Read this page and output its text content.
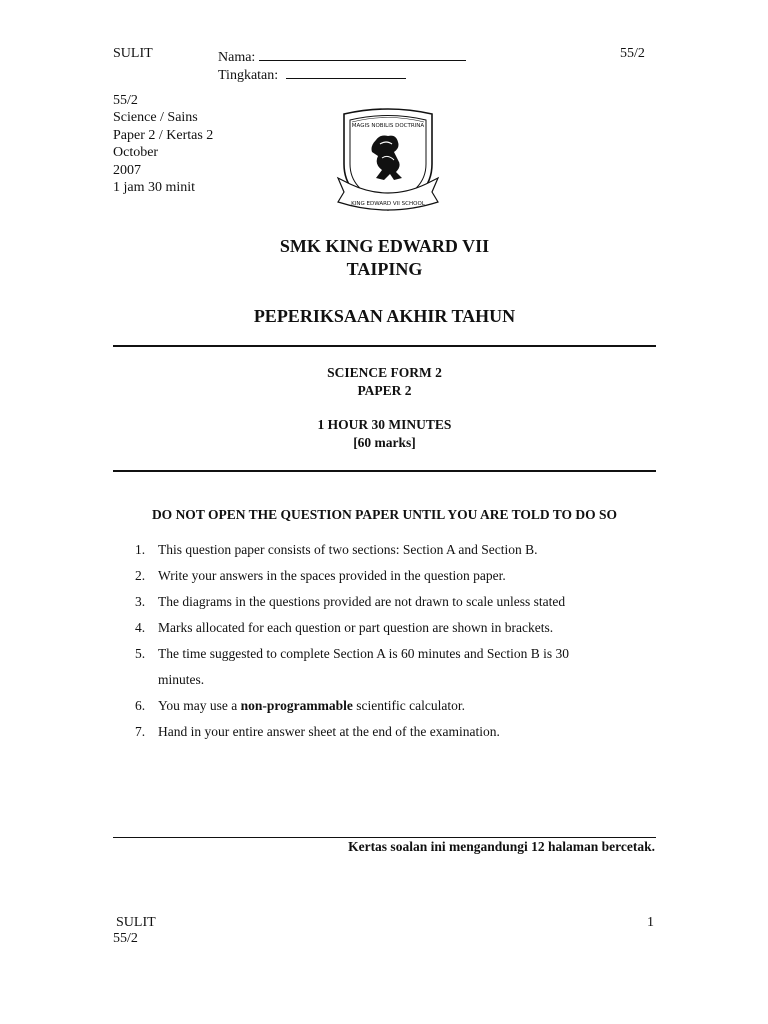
SULIT	Nama:	55/2
Tingkatan:
55/2
Science / Sains
Paper 2 / Kertas 2
October
2007
1 jam 30 minit
MAGIS NOBILIS DOCTRINA
KING EDWARD VII SCHOOL
SMK KING EDWARD VII
TAIPING
PEPERIKSAAN AKHIR TAHUN
SCIENCE FORM 2
PAPER 2
1 HOUR 30 MINUTES
[60 marks]
DO NOT OPEN THE QUESTION PAPER UNTIL YOU ARE TOLD TO DO SO
1. This question paper consists of two sections: Section A and Section B.
2. Write your answers in the spaces provided in the question paper.
3. The diagrams in the questions provided are not drawn to scale unless stated
4. Marks allocated for each question or part question are shown in brackets.
5. The time suggested to complete Section A is 60 minutes and Section B is 30
minutes.
6. You may use a non-programmable scientific calculator.
7. Hand in your entire answer sheet at the end of the examination.
Kertas soalan ini mengandungi 12 halaman bercetak.
SULIT	1
55/2
